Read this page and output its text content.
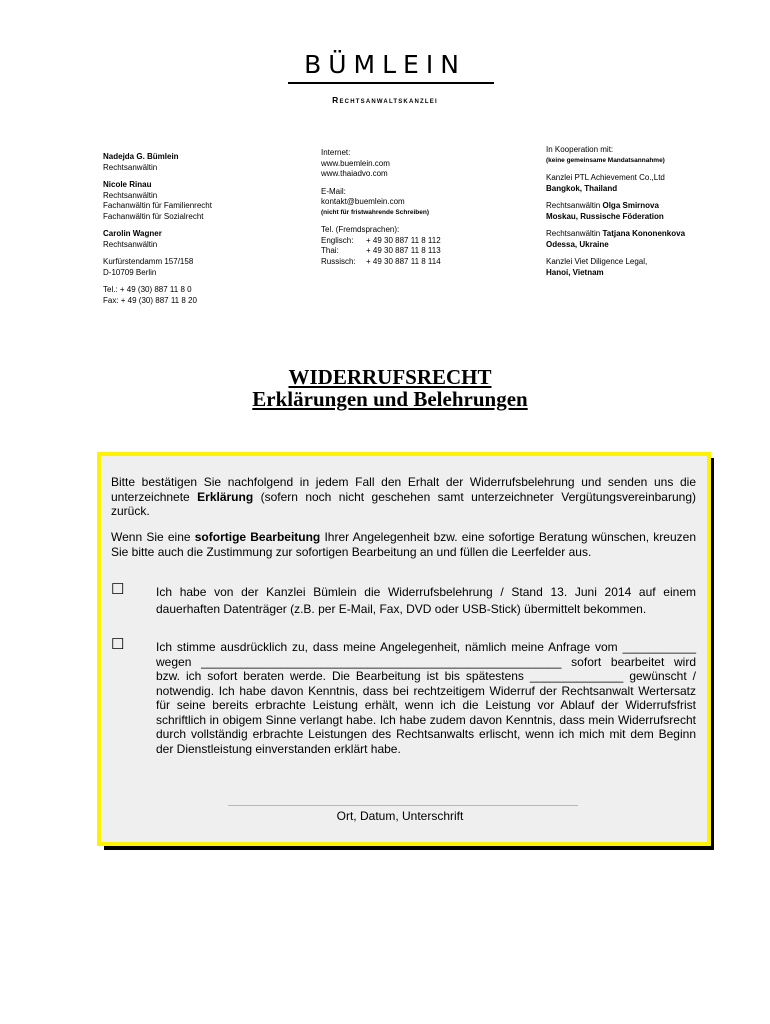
BÜMLEIN
Rechtsanwaltskanzlei
Nadejda G. Bümlein
Rechtsanwältin
Nicole Rinau
Rechtsanwältin
Fachanwältin für Familienrecht
Fachanwältin für Sozialrecht
Carolin Wagner
Rechtsanwältin
Kurfürstendamm 157/158
D-10709 Berlin
Tel.: + 49 (30) 887 11 8 0
Fax: + 49 (30) 887 11 8 20
Internet:
www.buemlein.com
www.thaiadvo.com
E-Mail:
kontakt@buemlein.com
(nicht für fristwahrende Schreiben)
Tel. (Fremdsprachen):
Englisch:	+ 49 30 887 11 8 112
Thai:	+ 49 30 887 11 8 113
Russisch:	+ 49 30 887 11 8 114
In Kooperation mit:
(keine gemeinsame Mandatsannahme)
Kanzlei PTL Achievement Co.,Ltd
Bangkok, Thailand
Rechtsanwältin Olga Smirnova
Moskau, Russische Föderation
Rechtsanwältin Tatjana Kononenkova
Odessa, Ukraine
Kanzlei Viet Diligence Legal,
Hanoi, Vietnam
WIDERRUFSRECHT
Erklärungen und Belehrungen
Bitte bestätigen Sie nachfolgend in jedem Fall den Erhalt der Widerrufsbelehrung und senden uns die unterzeichnete Erklärung (sofern noch nicht geschehen samt unterzeichneter Vergütungsvereinbarung) zurück.
Wenn Sie eine sofortige Bearbeitung Ihrer Angelegenheit bzw. eine sofortige Beratung wünschen, kreuzen Sie bitte auch die Zustimmung zur sofortigen Bearbeitung an und füllen die Leerfelder aus.
☐	Ich habe von der Kanzlei Bümlein die Widerrufsbelehrung / Stand 13. Juni 2014 auf einem dauerhaften Datenträger (z.B. per E-Mail, Fax, DVD oder USB-Stick) übermittelt bekommen.
☐	Ich stimme ausdrücklich zu, dass meine Angelegenheit, nämlich meine Anfrage vom ___________ wegen ______________________________________________________ sofort bearbeitet wird bzw. ich sofort beraten werde. Die Bearbeitung ist bis spätestens ______________ gewünscht / notwendig. Ich habe davon Kenntnis, dass bei rechtzeitigem Widerruf der Rechtsanwalt Wertersatz für seine bereits erbrachte Leistung erhält, wenn ich die Leistung vor Ablauf der Widerrufsfrist schriftlich in obigem Sinne verlangt habe. Ich habe zudem davon Kenntnis, dass mein Widerrufsrecht durch vollständig erbrachte Leistungen des Rechtsanwalts erlischt, wenn ich mich mit dem Beginn der Dienstleistung einverstanden erklärt habe.
Ort, Datum, Unterschrift
